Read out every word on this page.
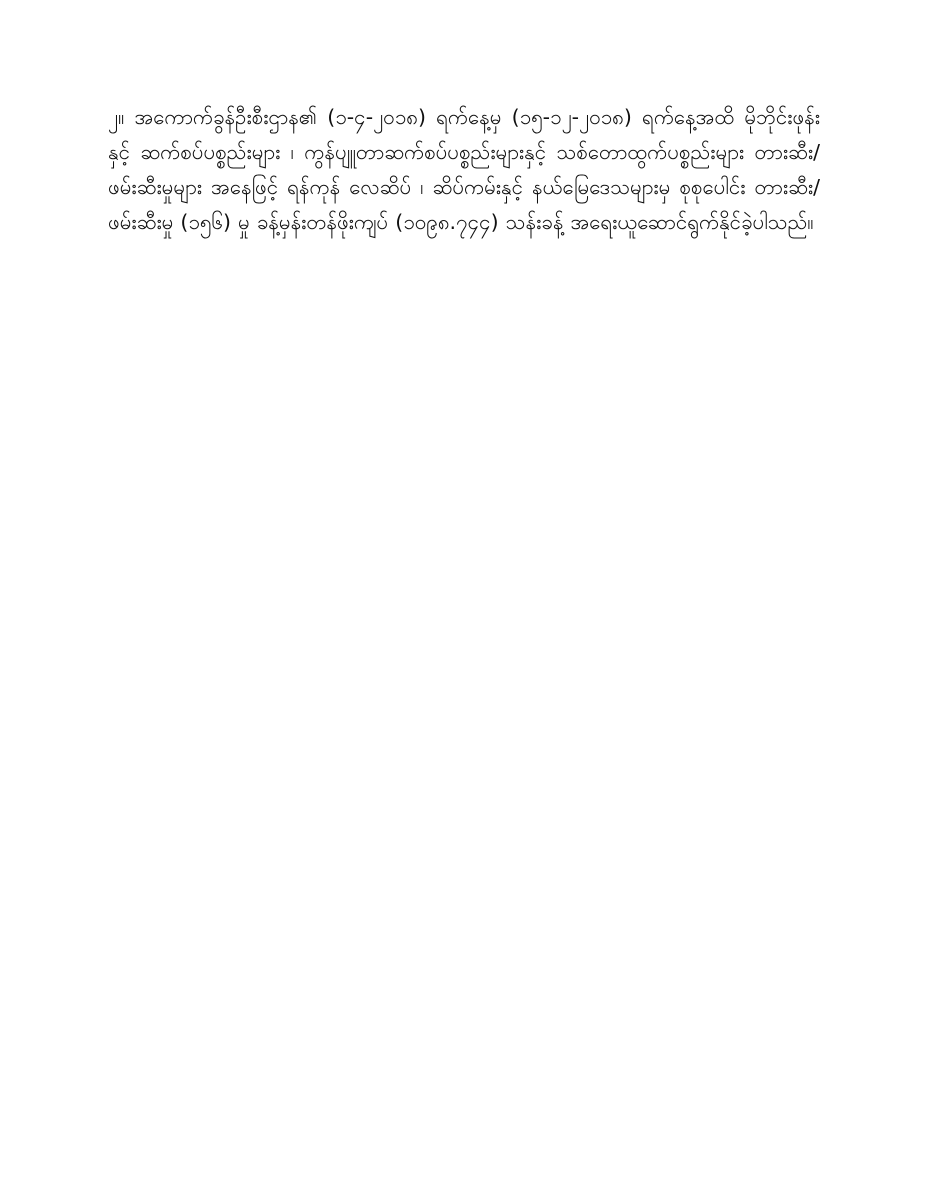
၂။ အကောက်ခွန်ဦးစီးဌာန၏ (၁-၄-၂၀၁၈) ရက်နေ့မှ (၁၅-၁၂-၂၀၁၈) ရက်နေ့အထိ မိုဘိုင်းဖုန်းနှင့် ဆက်စပ်ပစ္စည်းများ ၊ ကွန်ပျူတာဆက်စပ်ပစ္စည်းများနှင့် သစ်တောထွက်ပစ္စည်းများ တားဆီး/ ဖမ်းဆီးမှုများ အနေဖြင့် ရန်ကုန် လေဆိပ် ၊ ဆိပ်ကမ်းနှင့် နယ်မြေဒေသများမှ စုစုပေါင်း တားဆီး/ ဖမ်းဆီးမှု (၁၅၆) မှု ခန့်မှန်းတန်ဖိုးကျပ် (၁၀၉၈.၇၄၄) သန်းခန့် အရေးယူဆောင်ရွက်နိုင်ခဲ့ပါသည်။
